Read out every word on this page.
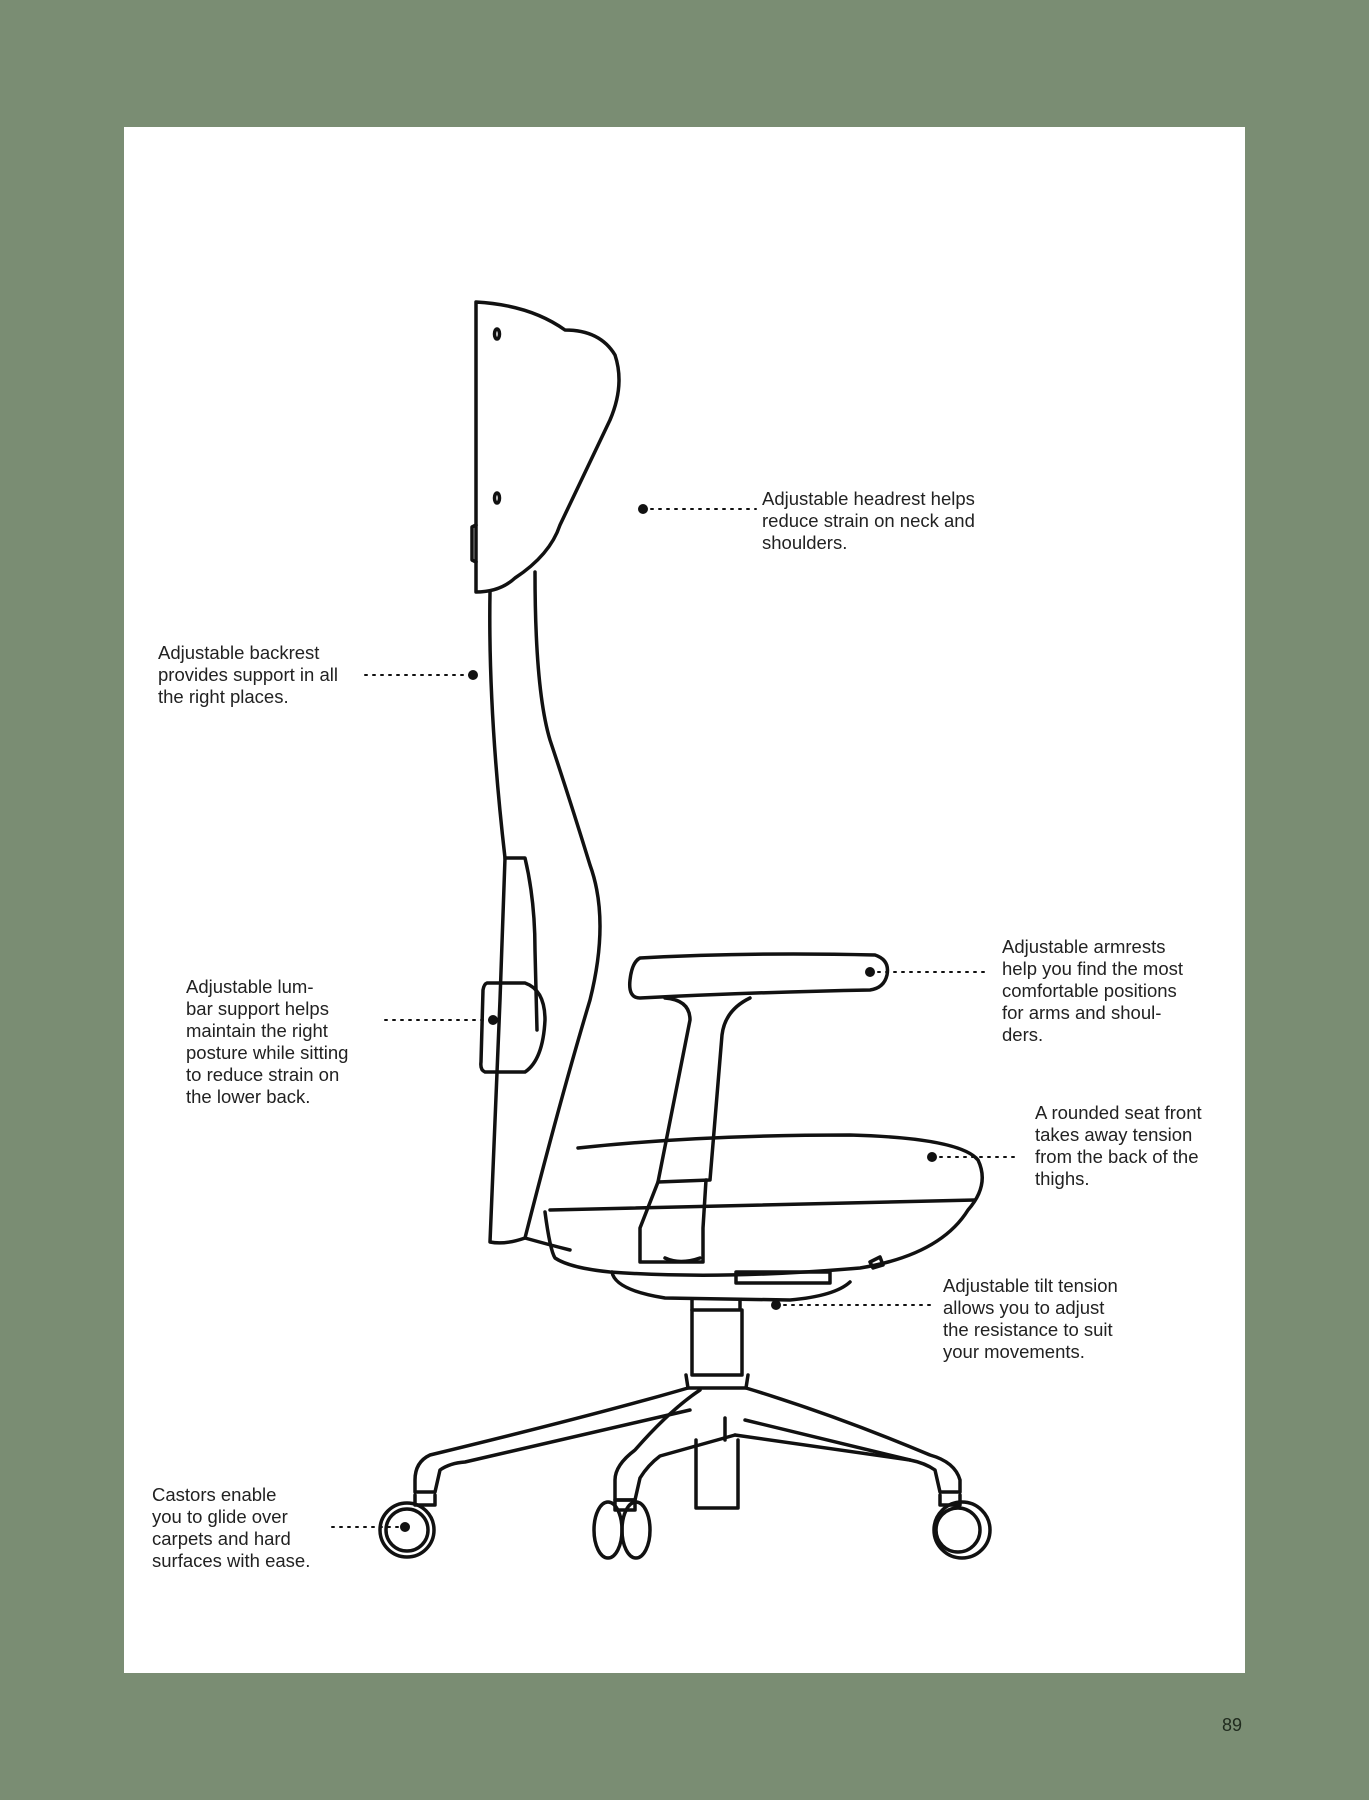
Adjustable headrest helps
reduce strain on neck and
shoulders.
Adjustable backrest
provides support in all
the right places.
Adjustable lum-
bar support helps
maintain the right
posture while sitting
to reduce strain on
the lower back.
Adjustable armrests
help you find the most
comfortable positions
for arms and shoul-
ders.
A rounded seat front
takes away tension
from the back of the
thighs.
Adjustable tilt tension
allows you to adjust
the resistance to suit
your movements.
Castors enable
you to glide over
carpets and hard
surfaces with ease.
89
